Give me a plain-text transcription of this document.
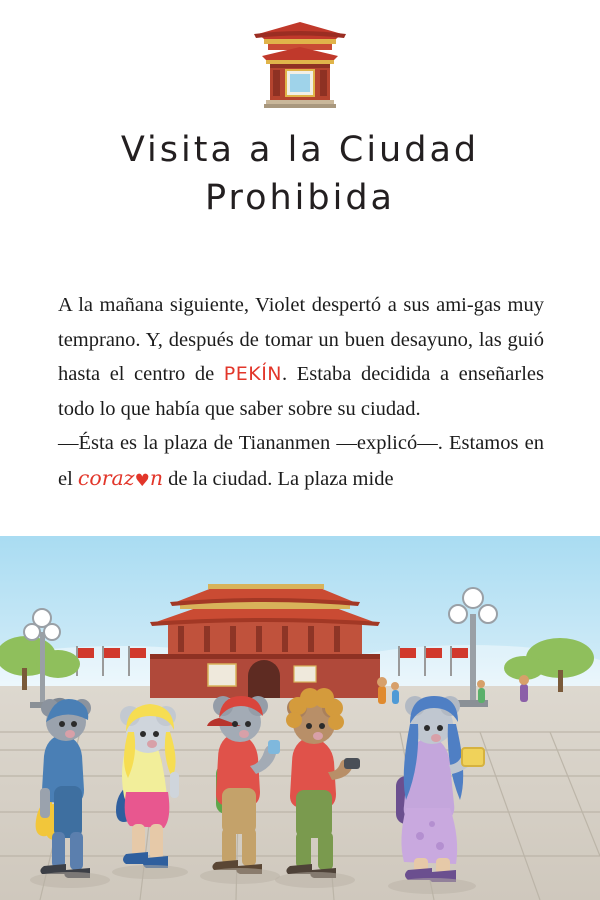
Visita a la Ciudad
Prohibida

A la mañana siguiente, Violet despertó a sus ami-gas muy temprano. Y, después de tomar un buen desayuno, las guió hasta el centro de PEKÍN. Estaba decidida a enseñarles todo lo que había que saber sobre su ciudad.

—Ésta es la plaza de Tiananmen —explicó—. Estamos en el coraz♥n de la ciudad. La plaza mide
